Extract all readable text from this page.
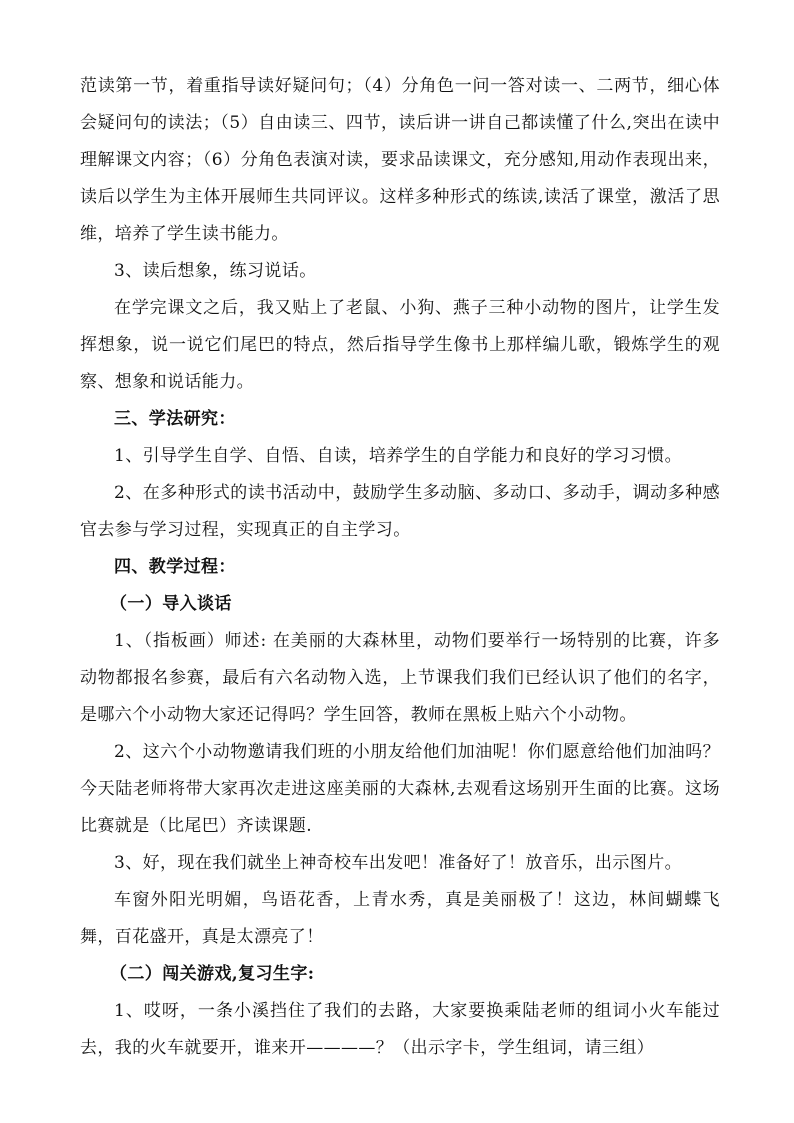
范读第一节，着重指导读好疑问句；（4）分角色一问一答对读一、二两节，细心体会疑问句的读法；（5）自由读三、四节，读后讲一讲自己都读懂了什么,突出在读中理解课文内容；（6）分角色表演对读，要求品读课文，充分感知,用动作表现出来，读后以学生为主体开展师生共同评议。这样多种形式的练读,读活了课堂，激活了思维，培养了学生读书能力。

3、读后想象，练习说话。

在学完课文之后，我又贴上了老鼠、小狗、燕子三种小动物的图片，让学生发挥想象，说一说它们尾巴的特点，然后指导学生像书上那样编儿歌，锻炼学生的观察、想象和说话能力。

三、学法研究：

1、引导学生自学、自悟、自读，培养学生的自学能力和良好的学习习惯。

2、在多种形式的读书活动中，鼓励学生多动脑、多动口、多动手，调动多种感官去参与学习过程，实现真正的自主学习。

四、教学过程：

（一）导入谈话

1、（指板画）师述: 在美丽的大森林里，动物们要举行一场特别的比赛，许多动物都报名参赛，最后有六名动物入选，上节课我们我们已经认识了他们的名字，是哪六个小动物大家还记得吗？学生回答，教师在黑板上贴六个小动物。

2、这六个小动物邀请我们班的小朋友给他们加油呢！你们愿意给他们加油吗？今天陆老师将带大家再次走进这座美丽的大森林,去观看这场别开生面的比赛。这场比赛就是（比尾巴）齐读课题.

3、好，现在我们就坐上神奇校车出发吧！准备好了！放音乐，出示图片。

车窗外阳光明媚，鸟语花香，上青水秀，真是美丽极了！这边，林间蝴蝶飞舞，百花盛开，真是太漂亮了！

（二）闯关游戏,复习生字:

1、哎呀，一条小溪挡住了我们的去路，大家要换乘陆老师的组词小火车能过去，我的火车就要开，谁来开————？（出示字卡，学生组词，请三组）
